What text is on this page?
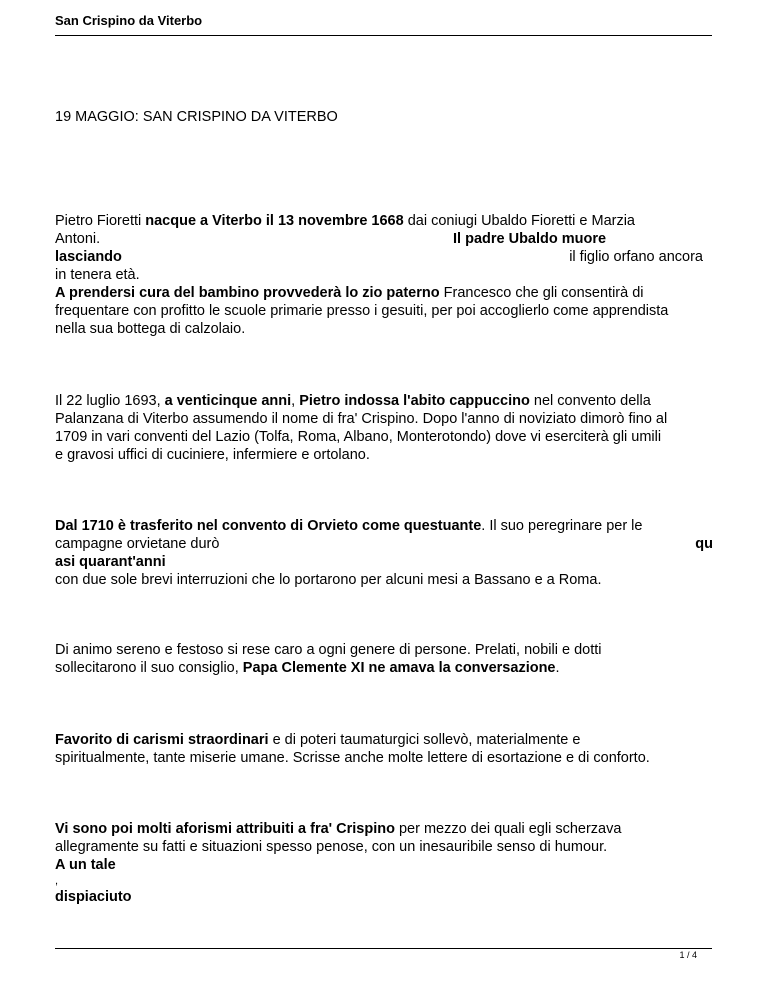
San Crispino da Viterbo
19 MAGGIO: SAN CRISPINO DA VITERBO
Pietro Fioretti nacque a Viterbo il 13 novembre 1668 dai coniugi Ubaldo Fioretti e Marzia
Antoni.	Il padre Ubaldo muore
lasciando	il figlio orfano ancora
in tenera età.
A prendersi cura del bambino provvederà lo zio paterno Francesco che gli consentirà di
frequentare con profitto le scuole primarie presso i gesuiti, per poi accoglierlo come apprendista
nella sua bottega di calzolaio.
Il 22 luglio 1693, a venticinque anni, Pietro indossa l'abito cappuccino nel convento della
Palanzana di Viterbo assumendo il nome di fra' Crispino. Dopo l'anno di noviziato dimorò fino al
1709 in vari conventi del Lazio (Tolfa, Roma, Albano, Monterotondo) dove vi eserciterà gli umili
e gravosi uffici di cuciniere, infermiere e ortolano.
Dal 1710 è trasferito nel convento di Orvieto come questuante. Il suo peregrinare per le
campagne orvietane durò	qu
asi quarant'anni
con due sole brevi interruzioni che lo portarono per alcuni mesi a Bassano e a Roma.
Di animo sereno e festoso si rese caro a ogni genere di persone. Prelati, nobili e dotti
sollecitarono il suo consiglio, Papa Clemente XI ne amava la conversazione.
Favorito di carismi straordinari e di poteri taumaturgici sollevò, materialmente e
spiritualmente, tante miserie umane. Scrisse anche molte lettere di esortazione e di conforto.
Vi sono poi molti aforismi attribuiti a fra' Crispino per mezzo dei quali egli scherzava
allegramente su fatti e situazioni spesso penose, con un inesauribile senso di humour.
A un tale
,
dispiaciuto
1 / 4
